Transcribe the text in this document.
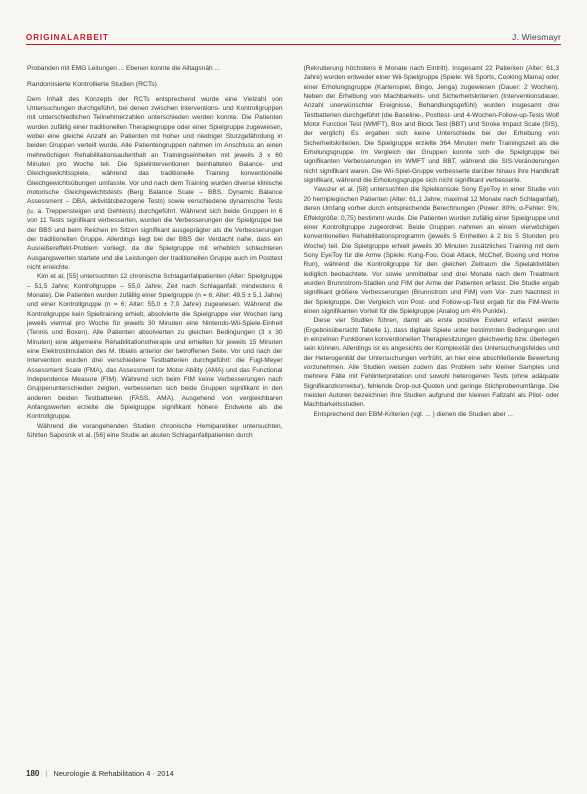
ORIGINALARBEIT	J. Wiesmayr

Probanden mit EMG Leitungen ... Ebenen konnte die Alltagsnäh ...

Randomisierte Kontrollierte Studien (RCTs)

Dem Inhalt des Konzepts der RCTs entsprechend wurde eine Vielzahl von Untersuchungen durchgeführt, bei denen zwischen Interventions- und Kontrollgruppen mit unterschiedlichen Teilnehmerzahlen unterschieden werden konnte. Die Patienten wurden zufällig einer traditionellen Therapiegruppe oder einer Spielgruppe zugewiesen, wobei eine gleiche Anzahl an Patienten mit hoher und niedriger Sturzgefährdung in beiden Gruppen verteilt wurde. Alle Patientengruppen nahmen im Anschluss an einen mehrwöchigen Rehabilitationsaufenthalt an Trainingseinheiten mit jeweils 3 x 60 Minuten pro Woche teil. Die Spielinterventionen beinhalteten Balance- und Gleichgewichtsspiele, während das traditionelle Training konventionelle Gleichgewichtsübungen umfasste. Vor und nach dem Training wurden diverse klinische motorische Gleichgewichtstests (Berg Balance Scale – BBS, Dynamic Balance Assessment – DBA, aktivitätsbezogene Tests) sowie verschiedene dynamische Tests (u. a. Treppensteigen und Gehtests) durchgeführt. Während sich beide Gruppen in 6 von 11 Tests signifikant verbesserten, wurden die Verbesserungen der Spielgruppe bei der BBS und beim Reichen im Sitzen signifikant ausgeprägter als die Verbesserungen der traditionellen Gruppe. Allerdings liegt bei der BBS der Verdacht nahe, dass ein Ausreißereffekt-Problem vorliegt, da die Spielgruppe mit erheblich schlechteren Ausgangswerten startete und die Leistungen der traditionellen Gruppe auch im Posttest nicht erreichte.

Kim et al. [55] untersuchten 12 chronische Schlaganfallpatienten (Alter: Spielgruppe – 51,5 Jahre; Kontrollgruppe – 55,0 Jahre; Zeit nach Schlaganfall: mindestens 6 Monate). Die Patienten wurden zufällig einer Spielgruppe (n = 6; Alter: 49,5 ± 5,1 Jahre) und einer Kontrollgruppe (n = 6; Alter: 55,0 ± 7,0 Jahre) zugewiesen. Während die Kontrollgruppe kein Spieltraining erhielt, absolvierte die Spielgruppe vier Wochen lang jeweils viermal pro Woche für jeweils 30 Minuten eine Nintendo-Wii-Spiele-Einheit (Tennis und Boxen). Alle Patienten absolvierten zu gleichen Bedingungen (3 x 30 Minuten) eine allgemeine Rehabilitationstherapie und erhielten für jeweils 15 Minuten eine Elektrostimulation des M. tibialis anterior der betroffenen Seite. Vor und nach der Intervention wurden drei verschiedene Testbatterien durchgeführt: die Fugl-Meyer Assessment Scale (FMA), das Assessment for Motor Ability (AMA) und das Functional Independence Measure (FIM). Während sich beim FIM keine Verbesserungen nach Gruppenunterschieden zeigten, verbesserten sich beide Gruppen signifikant in den anderen beiden Testbatterien (FASS, AMA). Ausgehend von vergleichbaren Anfangswerten erzielte die Spielgruppe signifikant höhere Endwerte als die Kontrollgruppe.

Während die vorangehenden Studien chronische Hemiparetiker untersuchten, führten Saposnik et al. [56] eine Studie an akuten Schlaganfallpatienten durch

(Rekrutierung höchstens 6 Monate nach Eintritt). Insgesamt 22 Patienten (Alter: 61,3 Jahre) wurden entweder einer Wii-Spielgruppe (Spiele: Wii Sports, Cooking Mama) oder einer Erholungsgruppe (Kartenspiel, Bingo, Jenga) zugewiesen (Dauer: 2 Wochen). Neben der Erhebung von Machbarkeits- und Sicherheitskriterien (Interventionsdauer, Anzahl unerwünschter Ereignisse, Behandlungsgefühl) wurden insgesamt drei Testbatterien durchgeführt (die Baseline-, Posttest- und 4-Wochen-Follow-up-Tests Wolf Motor Function Test (WMFT), Box and Block Test (BBT) und Stroke Impact Scale (SIS), der verglich) Es ergaben sich keine Unterschiede bei der Erhebung von Sicherheitskriterien. Die Spielgruppe erzielte 364 Minuten mehr Trainingszeit als die Erholungsgruppe. Im Vergleich der Gruppen konnte sich die Spielgruppe bei signifikanten Verbesserungen im WMFT und BBT, während die SIS-Veränderungen nicht signifikant waren. Die Wii-Spiel-Gruppe verbesserte darüber hinaus ihre Handkraft signifikant, während die Erholungsgruppe sich nicht signifikant verbesserte.

Yavuzer et al. [58] untersuchten die Spielkonsole Sony EyeToy in einer Studie von 20 hemiplegischen Patienten (Alter: 61,1 Jahre; maximal 12 Monate nach Schlaganfall), deren Umfang vorher durch entsprechende Berechnungen (Power: 80%; α-Fehler: 5%; Effektgröße: 0,75) bestimmt wurde. Die Patienten wurden zufällig einer Spielgruppe und einer Kontrollgruppe zugeordnet. Beide Gruppen nahmen an einem vierwöchigen konventionellen Rehabilitationsprogramm (jeweils 5 Einheiten à 2 bis 5 Stunden pro Woche) teil. Die Spielgruppe erhielt jeweils 30 Minuten zusätzliches Training mit dem Sony EyeToy für die Arme (Spiele: Kung-Foo, Goal Attack, McChef, Boxing und Home Run), während die Kontrollgruppe für den gleichen Zeitraum die Spielaktivitäten lediglich beobachtete. Vor sowie unmittelbar und drei Monate nach dem Treatment wurden Brunnstrom-Stadien und FIM der Arme der Patienten erfasst. Die Studie ergab signifikant größere Verbesserungen (Brunnstrom und FIM) vom Vor- zum Nachtest in der Spielgruppe. Der Vergleich von Post- und Follow-up-Test ergab für die FIM-Werte einen signifikanten Vorteil für die Spielgruppe (Analog um 4% Punkte).

Diese vier Studien führen, damit als erste positive Evidenz erfasst werden (Ergebnisübersicht Tabelle 1), dass digitale Spiele unter bestimmten Bedingungen und in einzelnen Funktionen konventionellen Therapiesitzungen gleichwertig bzw. überlegen sein können. Allerdings ist es angesichts der Komplexität des Untersuchungsfeldes und der Heterogenität der Untersuchungen verfrüht, an hier eine abschließende Bewertung vorzunehmen. Alle Studien weisen zudem das Problem sehr kleiner Samples und mehrere Fälle mit Fehlinterpretation und sowohl heterogenen Tests (ohne adäquate Signifikanzkorrektur), fehlende Drop-out-Quoten und geringe Stichprobenumfänge. Die meisten Autoren bezeichnen ihre Studien aufgrund der kleinen Fallzahl als Pilot- oder Machbarkeitsstudien.

Entsprechend den EBM-Kriterien (vgl. ... ) dienen die Studien aber ...

180 | Neurologie & Rehabilitation 4 · 2014
